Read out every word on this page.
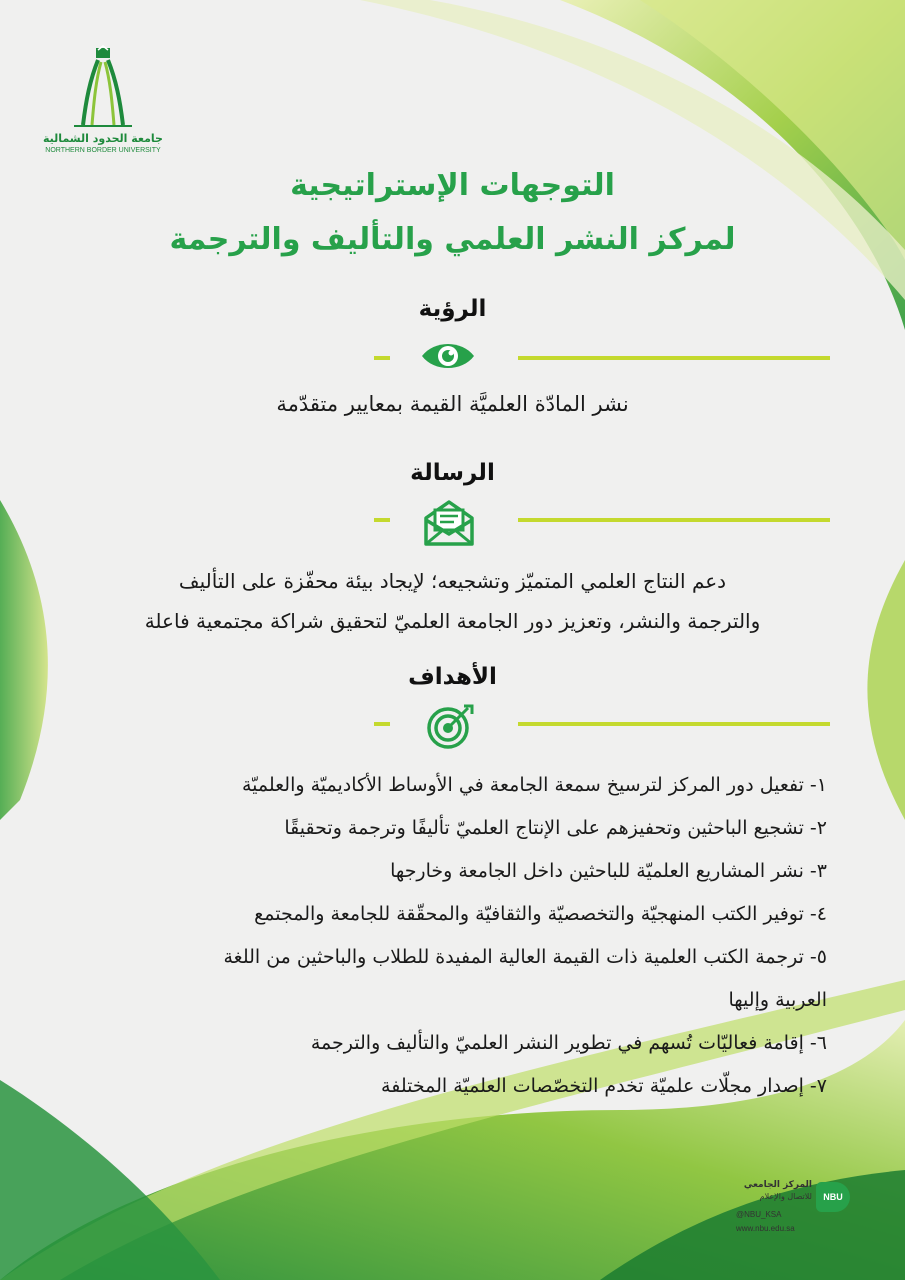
جامعة الحدود الشمالية
NORTHERN BORDER UNIVERSITY
التوجهات الإستراتيجية
لمركز النشر العلمي والتأليف والترجمة
الرؤية
نشر المادّة العلميَّة القيمة بمعايير متقدّمة
الرسالة
دعم النتاج العلمي المتميّز وتشجيعه؛ لإيجاد بيئة محفّزة على التأليف
والترجمة والنشر، وتعزيز دور الجامعة العلميّ لتحقيق شراكة مجتمعية فاعلة
الأهداف
١- تفعيل دور المركز لترسيخ سمعة الجامعة في الأوساط الأكاديميّة والعلميّة
٢- تشجيع الباحثين وتحفيزهم على الإنتاج العلميّ تأليفًا وترجمة وتحقيقًا
٣- نشر المشاريع العلميّة للباحثين داخل الجامعة وخارجها
٤- توفير الكتب المنهجيّة والتخصصيّة والثقافيّة والمحقّقة للجامعة والمجتمع
٥- ترجمة الكتب العلمية ذات القيمة العالية المفيدة للطلاب والباحثين من اللغة
العربية وإليها
٦- إقامة فعاليّات تُسهم في تطوير النشر العلميّ والتأليف والترجمة
٧- إصدار مجلّات علميّة تخدم التخصّصات العلميّة المختلفة
NBU
المركز الجامعي
للاتصال والإعلام
@NBU_KSA
www.nbu.edu.sa
